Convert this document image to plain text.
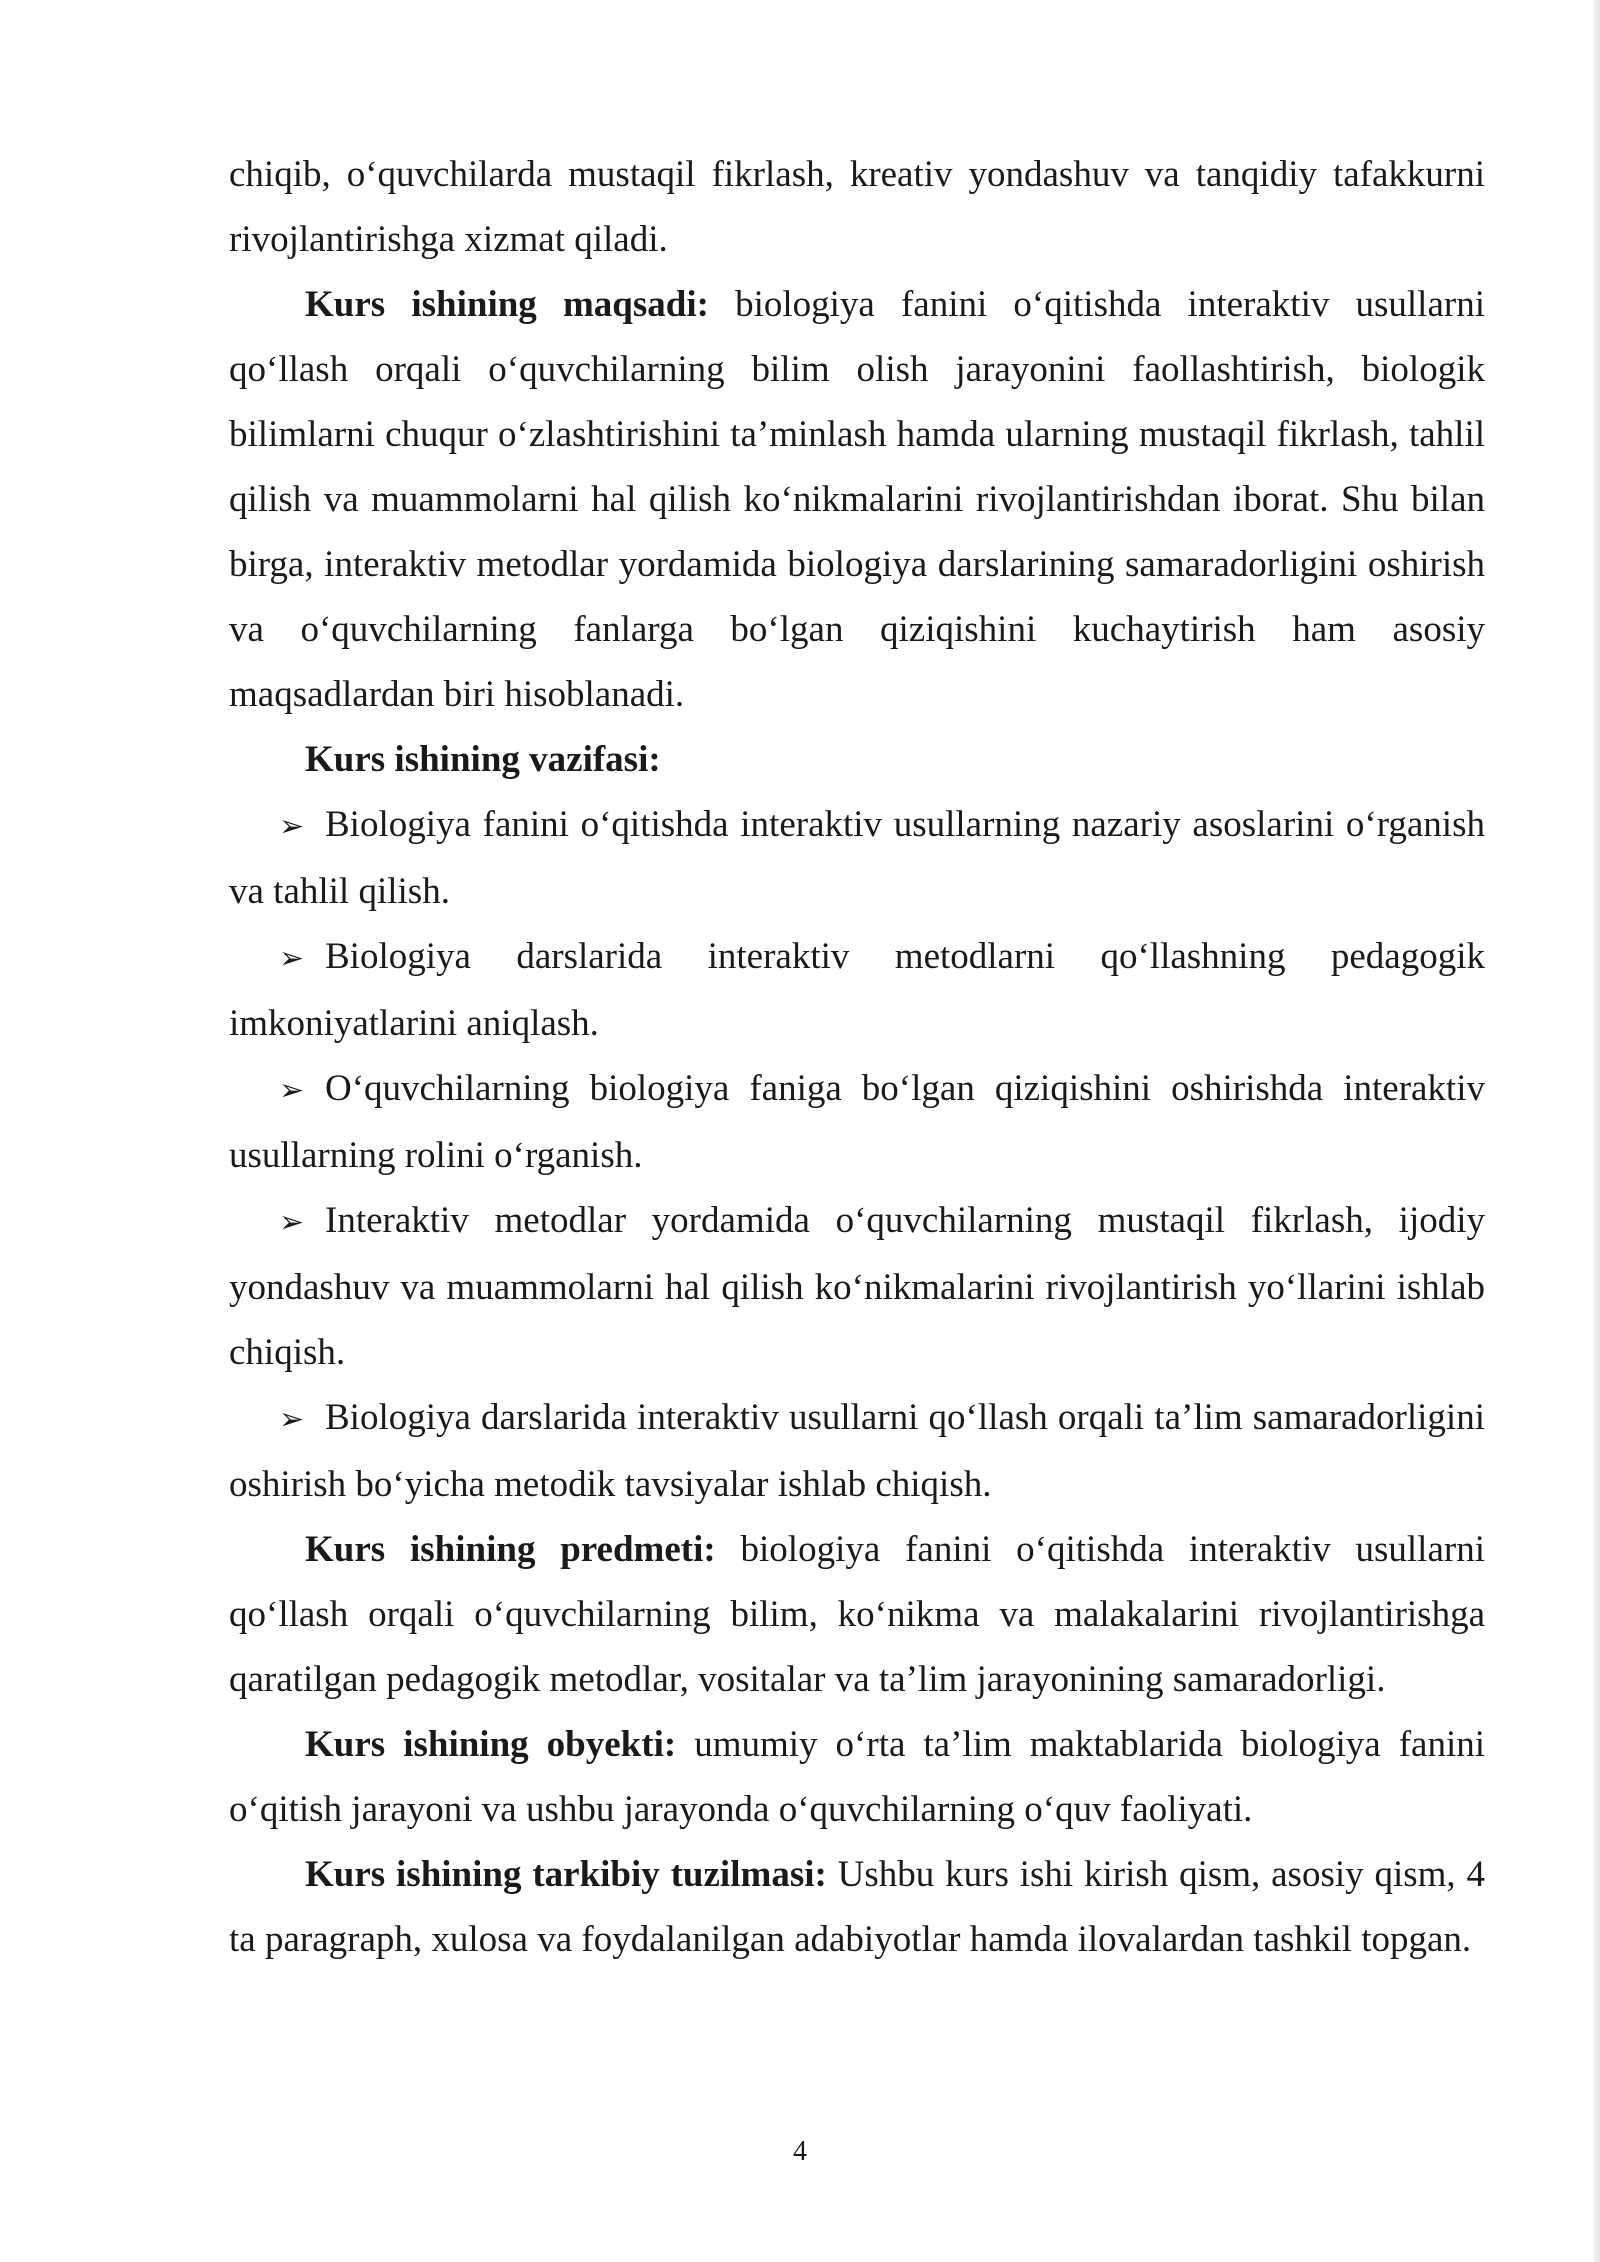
chiqib, o‘quvchilarda mustaqil fikrlash, kreativ yondashuv va tanqidiy tafakkurni rivojlantirishga xizmat qiladi.

Kurs ishining maqsadi: biologiya fanini o‘qitishda interaktiv usullarni qo‘llash orqali o‘quvchilarning bilim olish jarayonini faollashtirish, biologik bilimlarni chuqur o‘zlashtirishini ta’minlash hamda ularning mustaqil fikrlash, tahlil qilish va muammolarni hal qilish ko‘nikmalarini rivojlantirishdan iborat. Shu bilan birga, interaktiv metodlar yordamida biologiya darslarining samaradorligini oshirish va o‘quvchilarning fanlarga bo‘lgan qiziqishini kuchaytirish ham asosiy maqsadlardan biri hisoblanadi.

Kurs ishining vazifasi:

➢ Biologiya fanini o‘qitishda interaktiv usullarning nazariy asoslarini o‘rganish va tahlil qilish.

➢ Biologiya darslarida interaktiv metodlarni qo‘llashning pedagogik imkoniyatlarini aniqlash.

➢ O‘quvchilarning biologiya faniga bo‘lgan qiziqishini oshirishda interaktiv usullarning rolini o‘rganish.

➢ Interaktiv metodlar yordamida o‘quvchilarning mustaqil fikrlash, ijodiy yondashuv va muammolarni hal qilish ko‘nikmalarini rivojlantirish yo‘llarini ishlab chiqish.

➢ Biologiya darslarida interaktiv usullarni qo‘llash orqali ta’lim samaradorligini oshirish bo‘yicha metodik tavsiyalar ishlab chiqish.

Kurs ishining predmeti: biologiya fanini o‘qitishda interaktiv usullarni qo‘llash orqali o‘quvchilarning bilim, ko‘nikma va malakalarini rivojlantirishga qaratilgan pedagogik metodlar, vositalar va ta’lim jarayonining samaradorligi.

Kurs ishining obyekti: umumiy o‘rta ta’lim maktablarida biologiya fanini o‘qitish jarayoni va ushbu jarayonda o‘quvchilarning o‘quv faoliyati.

Kurs ishining tarkibiy tuzilmasi: Ushbu kurs ishi kirish qism, asosiy qism, 4 ta paragraph, xulosa va foydalanilgan adabiyotlar hamda ilovalardan tashkil topgan.

4
